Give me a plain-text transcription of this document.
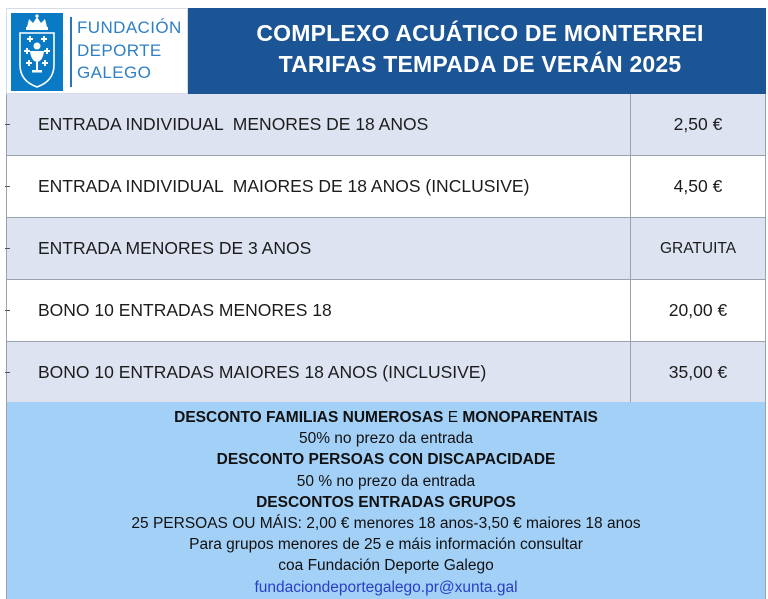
FUNDACIÓN
DEPORTE
GALEGO
COMPLEXO ACUÁTICO DE MONTERREI
TARIFAS TEMPADA DE VERÁN 2025
ENTRADA INDIVIDUAL  MENORES DE 18 ANOS	2,50 €
ENTRADA INDIVIDUAL  MAIORES DE 18 ANOS (INCLUSIVE)	4,50 €
ENTRADA MENORES DE 3 ANOS	GRATUITA
BONO 10 ENTRADAS MENORES 18	20,00 €
BONO 10 ENTRADAS MAIORES 18 ANOS (INCLUSIVE)	35,00 €
DESCONTO FAMILIAS NUMEROSAS E MONOPARENTAIS
50% no prezo da entrada
DESCONTO PERSOAS CON DISCAPACIDADE
50 % no prezo da entrada
DESCONTOS ENTRADAS GRUPOS
25 PERSOAS OU MÁIS: 2,00 € menores 18 anos-3,50 € maiores 18 anos
Para grupos menores de 25 e máis información consultar
coa Fundación Deporte Galego
fundaciondeportegalego.pr@xunta.gal
